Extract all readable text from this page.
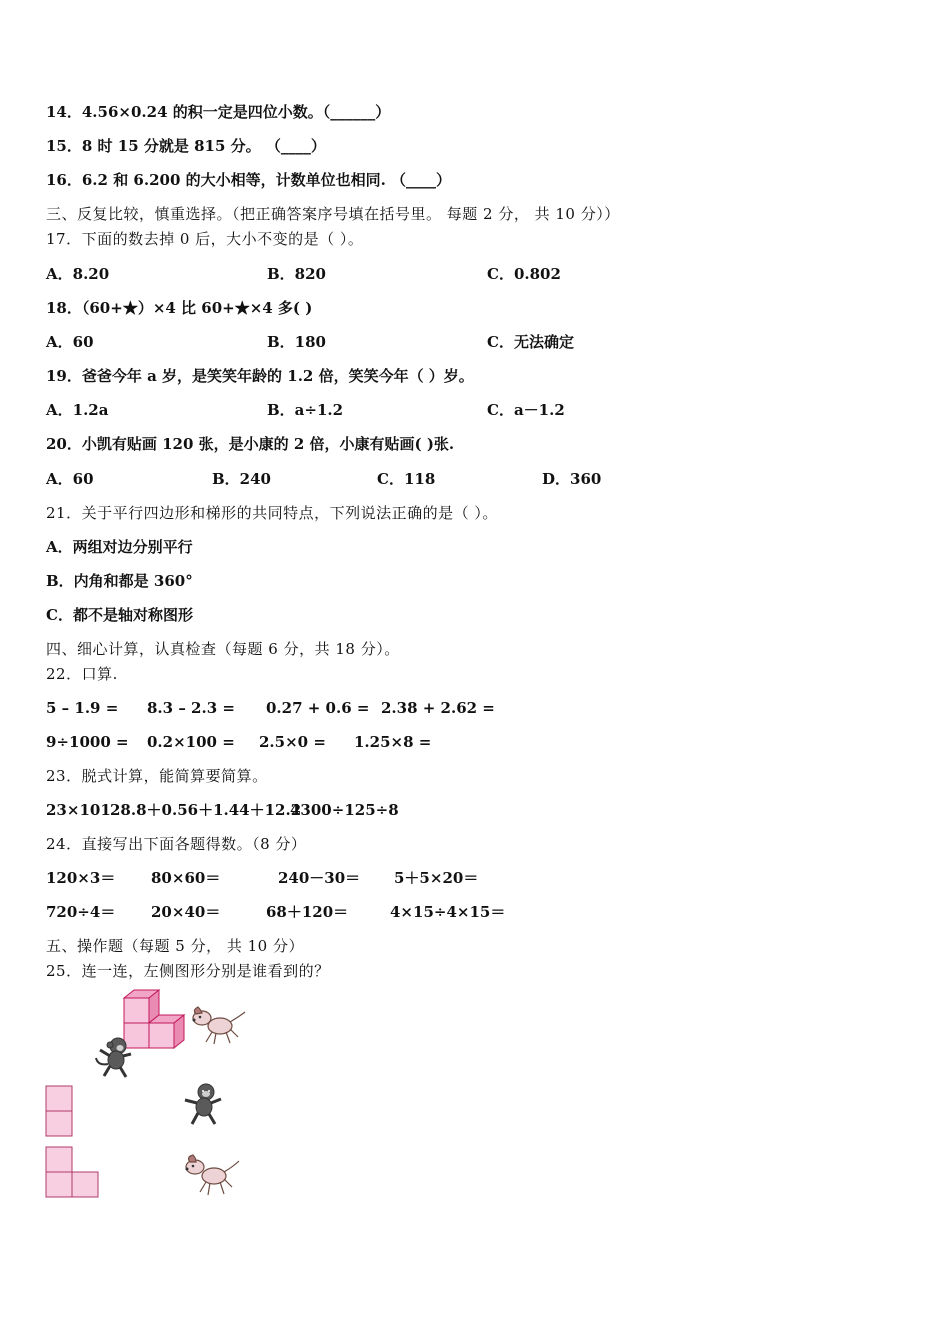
14．4.56×0.24 的积一定是四位小数。（______）
15．8 时 15 分就是 815 分。 （____）
16．6.2 和 6.200 的大小相等，计数单位也相同. （____）
三、反复比较，慎重选择。（把正确答案序号填在括号里。 每题 2 分， 共 10 分））
17．下面的数去掉 0 后，大小不变的是（ ）。
A．8.20	B．820	C．0.802
18．（60+★）×4 比 60+★×4 多( )
A．60	B．180	C．无法确定
19．爸爸今年 a 岁，是笑笑年龄的 1.2 倍，笑笑今年（ ）岁。
A．1.2a	B．a÷1.2	C．a－1.2
20．小凯有贴画 120 张，是小康的 2 倍，小康有贴画( )张.
A．60	B．240	C．118	D．360
21．关于平行四边形和梯形的共同特点，下列说法正确的是（ ）。
A．两组对边分别平行
B．内角和都是 360°
C．都不是轴对称图形
四、细心计算，认真检查（每题 6 分，共 18 分）。
22．口算.
5 – 1.9 = 8.3 – 2.3 = 0.27 + 0.6 = 2.38 + 2.62 =
9÷1000 = 0.2×100 = 2.5×0 = 1.25×8 =
23．脱式计算，能简算要简算。
23×101 28.8＋0.56＋1.44＋12.2
4300÷125÷8
24．直接写出下面各题得数。（8 分）
120×3＝ 80×60＝	240－30＝ 5＋5×20＝
720÷4＝ 20×40＝	68＋120＝	4×15÷4×15＝
五、操作题（每题 5 分， 共 10 分）
25．连一连，左侧图形分别是谁看到的？
